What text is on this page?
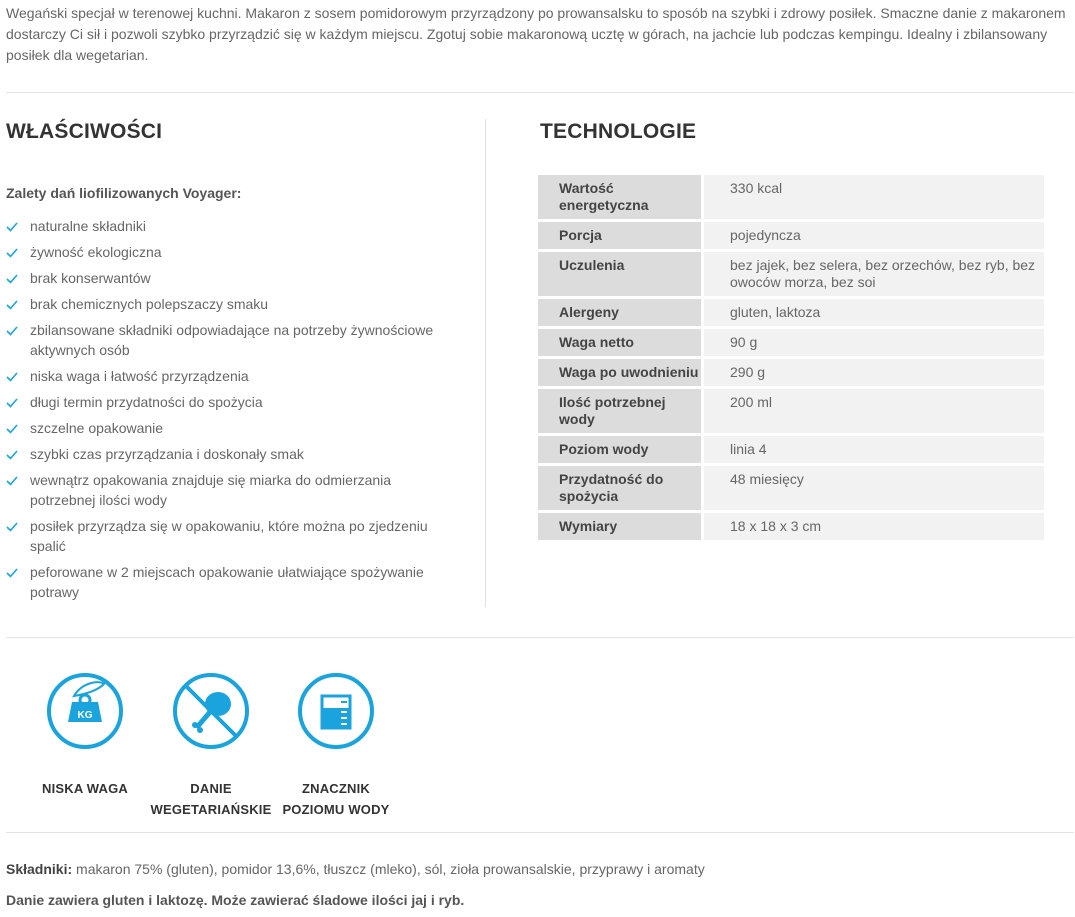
Wegański specjał w terenowej kuchni. Makaron z sosem pomidorowym przyrządzony po prowansalsku to sposób na szybki i zdrowy posiłek. Smaczne danie z makaronem dostarczy Ci sił i pozwoli szybko przyrządzić się w każdym miejscu. Zgotuj sobie makaronową ucztę w górach, na jachcie lub podczas kempingu. Idealny i zbilansowany posiłek dla wegetarian.

WŁAŚCIWOŚCI
Zalety dań liofilizowanych Voyager:
naturalne składniki
żywność ekologiczna
brak konserwantów
brak chemicznych polepszaczy smaku
zbilansowane składniki odpowiadające na potrzeby żywnościowe aktywnych osób
niska waga i łatwość przyrządzenia
długi termin przydatności do spożycia
szczelne opakowanie
szybki czas przyrządzania i doskonały smak
wewnątrz opakowania znajduje się miarka do odmierzania potrzebnej ilości wody
posiłek przyrządza się w opakowaniu, które można po zjedzeniu spalić
peforowane w 2 miejscach opakowanie ułatwiające spożywanie potrawy
TECHNOLOGIE
Wartość energetyczna	330 kcal
Porcja	pojedyncza
Uczulenia	bez jajek, bez selera, bez orzechów, bez ryb, bez owoców morza, bez soi
Alergeny	gluten, laktoza
Waga netto	90 g
Waga po uwodnieniu	290 g
Ilość potrzebnej wody	200 ml
Poziom wody	linia 4
Przydatność do spożycia	48 miesięcy
Wymiary	18 x 18 x 3 cm
KG
NISKA WAGA	DANIE
WEGETARIAŃSKIE
ZNACZNIK
POZIOMU WODY
Składniki: makaron 75% (gluten), pomidor 13,6%, tłuszcz (mleko), sól, zioła prowansalskie, przyprawy i aromaty
Danie zawiera gluten i laktozę. Może zawierać śladowe ilości jaj i ryb.
